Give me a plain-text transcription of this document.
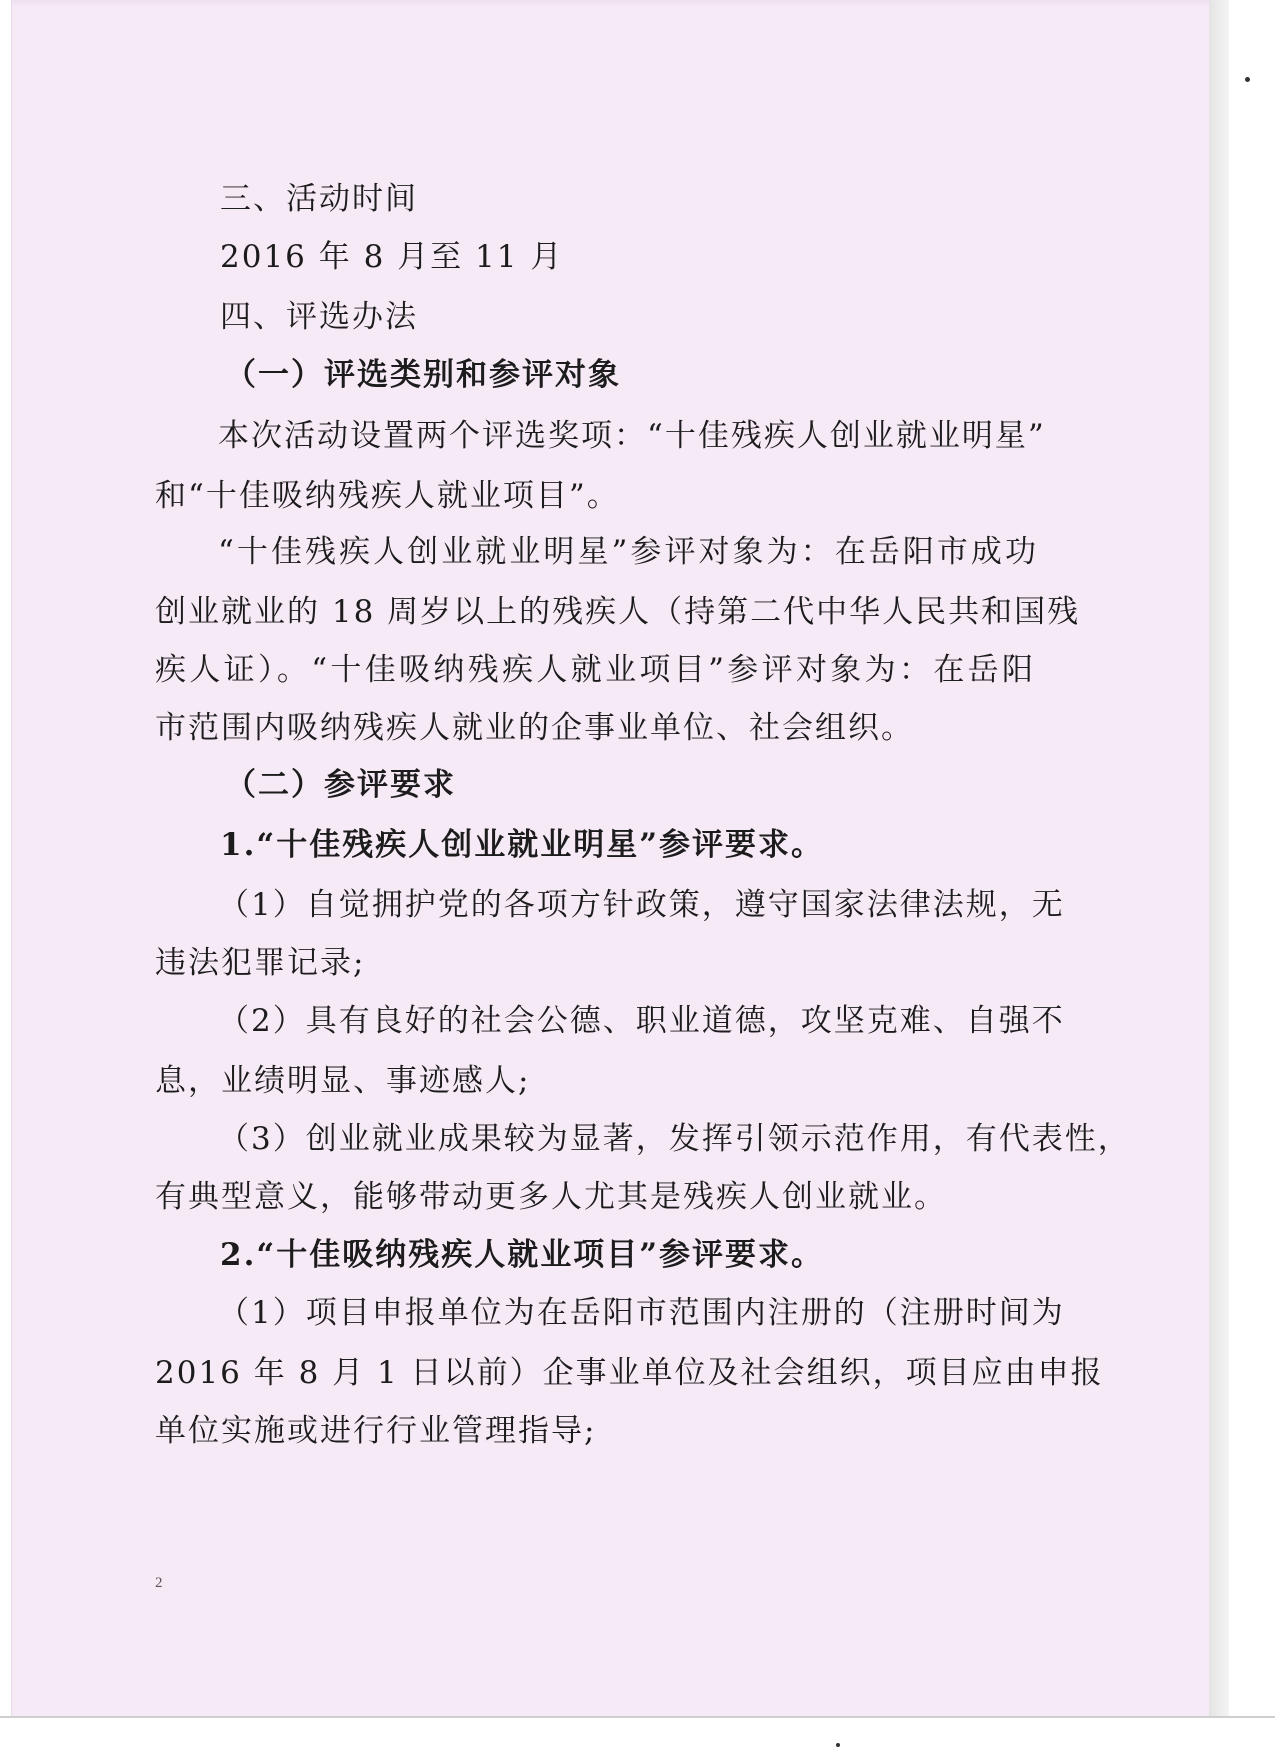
三、活动时间
2016 年 8 月至 11 月
四、评选办法
（一）评选类别和参评对象
本次活动设置两个评选奖项：“十佳残疾人创业就业明星”
和“十佳吸纳残疾人就业项目”。
“十佳残疾人创业就业明星”参评对象为：在岳阳市成功
创业就业的 18 周岁以上的残疾人（持第二代中华人民共和国残
疾人证）。“十佳吸纳残疾人就业项目”参评对象为：在岳阳
市范围内吸纳残疾人就业的企事业单位、社会组织。
（二）参评要求
1.“十佳残疾人创业就业明星”参评要求。
（1）自觉拥护党的各项方针政策，遵守国家法律法规，无
违法犯罪记录;
（2）具有良好的社会公德、职业道德，攻坚克难、自强不
息，业绩明显、事迹感人;
（3）创业就业成果较为显著，发挥引领示范作用，有代表性，
有典型意义，能够带动更多人尤其是残疾人创业就业。
2.“十佳吸纳残疾人就业项目”参评要求。
（1）项目申报单位为在岳阳市范围内注册的（注册时间为
2016 年 8 月 1 日以前）企事业单位及社会组织，项目应由申报
单位实施或进行行业管理指导;
2
